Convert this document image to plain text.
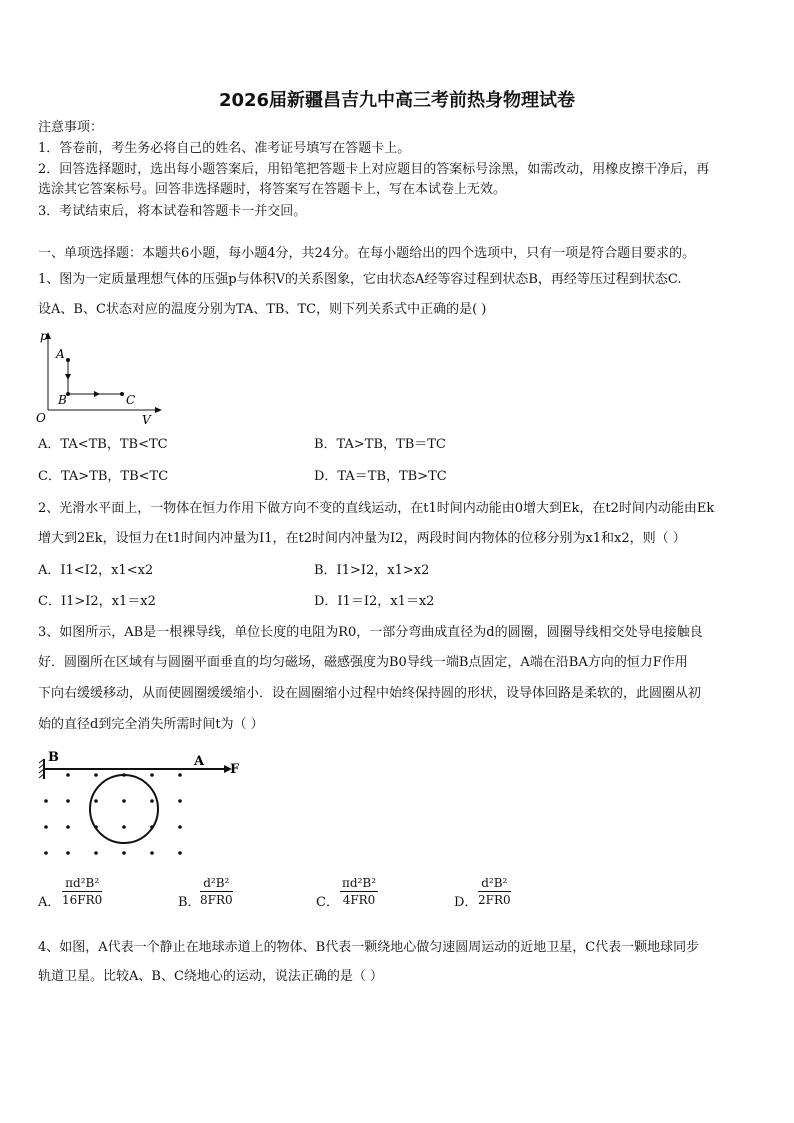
2026届新疆昌吉九中高三考前热身物理试卷
注意事项：
1．答卷前，考生务必将自己的姓名、准考证号填写在答题卡上。
2．回答选择题时，选出每小题答案后，用铅笔把答题卡上对应题目的答案标号涂黑，如需改动，用橡皮擦干净后，再
选涂其它答案标号。回答非选择题时，将答案写在答题卡上，写在本试卷上无效。
3．考试结束后，将本试卷和答题卡一并交回。
一、单项选择题：本题共6小题，每小题4分，共24分。在每小题给出的四个选项中，只有一项是符合题目要求的。
1、图为一定质量理想气体的压强p与体积V的关系图象，它由状态A经等容过程到状态B，再经等压过程到状态C.
设A、B、C状态对应的温度分别为TA、TB、TC，则下列关系式中正确的是( )
p
A
B	C
O	V
A．TA<TB，TB<TC	B．TA>TB，TB＝TC
C．TA>TB，TB<TC	D．TA＝TB，TB>TC
2、光滑水平面上，一物体在恒力作用下做方向不变的直线运动，在t1时间内动能由0增大到Ek，在t2时间内动能由Ek
增大到2Ek，设恒力在t1时间内冲量为I1，在t2时间内冲量为I2，两段时间内物体的位移分别为x1和x2，则（ ）
A．I1<I2，x1<x2	B．I1>I2，x1>x2
C．I1>I2，x1＝x2	D．I1＝I2，x1＝x2
3、如图所示，AB是一根裸导线，单位长度的电阻为R0，一部分弯曲成直径为d的圆圈，圆圈导线相交处导电接触良
好．圆圈所在区域有与圆圈平面垂直的均匀磁场，磁感强度为B0导线一端B点固定，A端在沿BA方向的恒力F作用
下向右缓缓移动，从而使圆圈缓缓缩小．设在圆圈缩小过程中始终保持圆的形状，设导体回路是柔软的，此圆圈从初
始的直径d到完全消失所需时间t为（ ）
B	A
F
A． $\frac{\text{πd²B²}}{16FR0}$	B． $\frac{\text{d²B²}}{8FR0}$	C． $\frac{\text{πd²B²}}{4FR0}$	D． $\frac{\text{d²B²}}{2FR0}$
4、如图，A代表一个静止在地球赤道上的物体、B代表一颗绕地心做匀速圆周运动的近地卫星，C代表一颗地球同步
轨道卫星。比较A、B、C绕地心的运动，说法正确的是（ ）
